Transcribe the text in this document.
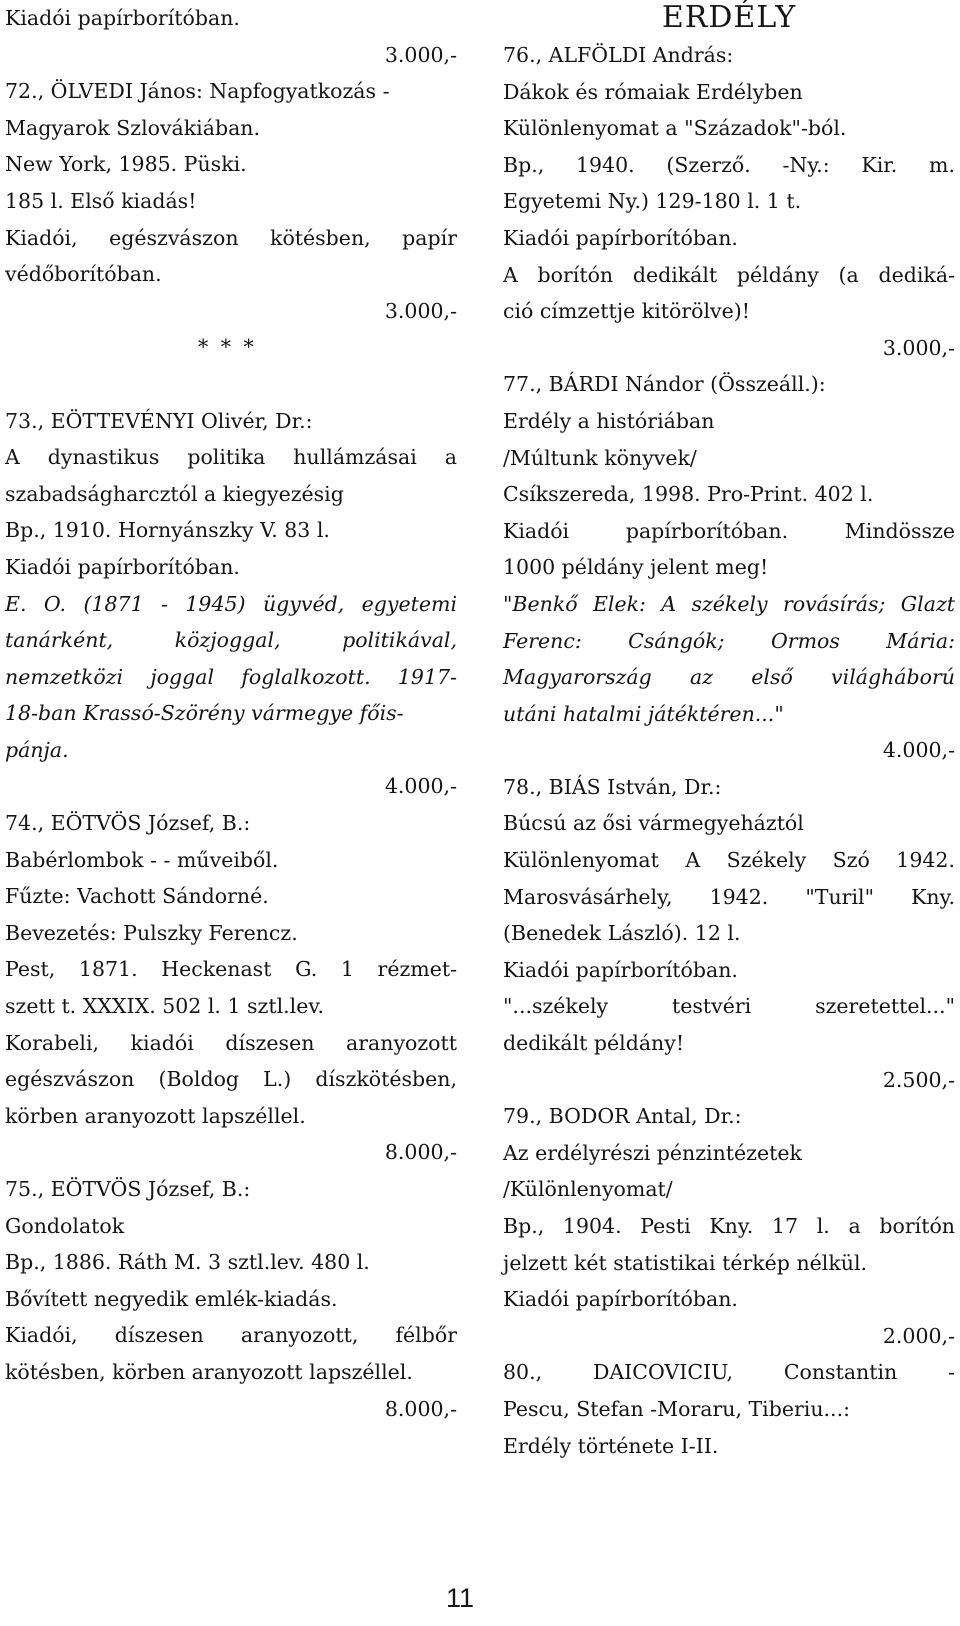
Kiadói papírborítóban.
3.000,-
72., ÖLVEDI János: Napfogyatkozás -
Magyarok Szlovákiában.
New York, 1985. Püski.
185 l. Első kiadás!
Kiadói, egészvászon kötésben, papír
védőborítóban.
3.000,-
* * *
73., EÖTTEVÉNYI Olivér, Dr.:
A dynastikus politika hullámzásai a
szabadságharcztól a kiegyezésig
Bp., 1910. Hornyánszky V. 83 l.
Kiadói papírborítóban.
E. O. (1871 - 1945) ügyvéd, egyetemi
tanárként, közjoggal, politikával,
nemzetközi joggal foglalkozott. 1917-
18-ban Krassó-Szörény vármegye főis-
pánja.
4.000,-
74., EÖTVÖS József, B.:
Babérlombok - - műveiből.
Fűzte: Vachott Sándorné.
Bevezetés: Pulszky Ferencz.
Pest, 1871. Heckenast G. 1 rézmet-
szett t. XXXIX. 502 l. 1 sztl.lev.
Korabeli, kiadói díszesen aranyozott
egészvászon (Boldog L.) díszkötésben,
körben aranyozott lapszéllel.
8.000,-
75., EÖTVÖS József, B.:
Gondolatok
Bp., 1886. Ráth M. 3 sztl.lev. 480 l.
Bővített negyedik emlék-kiadás.
Kiadói, díszesen aranyozott, félbőr
kötésben, körben aranyozott lapszéllel.
8.000,-
ERDÉLY
76., ALFÖLDI András:
Dákok és rómaiak Erdélyben
Különlenyomat a "Századok"-ból.
Bp., 1940. (Szerző. -Ny.: Kir. m.
Egyetemi Ny.) 129-180 l. 1 t.
Kiadói papírborítóban.
A borítón dedikált példány (a dediká-
ció címzettje kitörölve)!
3.000,-
77., BÁRDI Nándor (Összeáll.):
Erdély a históriában
/Múltunk könyvek/
Csíkszereda, 1998. Pro-Print. 402 l.
Kiadói papírborítóban. Mindössze
1000 példány jelent meg!
"Benkő Elek: A székely rovásírás; Glazt
Ferenc: Csángók; Ormos Mária:
Magyarország az első világháború
utáni hatalmi játéktéren..."
4.000,-
78., BIÁS István, Dr.:
Búcsú az ősi vármegyeháztól
Különlenyomat A Székely Szó 1942.
Marosvásárhely, 1942. "Turil" Kny.
(Benedek László). 12 l.
Kiadói papírborítóban.
"...székely testvéri szeretettel..."
dedikált példány!
2.500,-
79., BODOR Antal, Dr.:
Az erdélyrészi pénzintézetek
/Különlenyomat/
Bp., 1904. Pesti Kny. 17 l. a borítón
jelzett két statistikai térkép nélkül.
Kiadói papírborítóban.
2.000,-
80., DAICOVICIU, Constantin -
Pescu, Stefan -Moraru, Tiberiu...:
Erdély története I-II.
11
